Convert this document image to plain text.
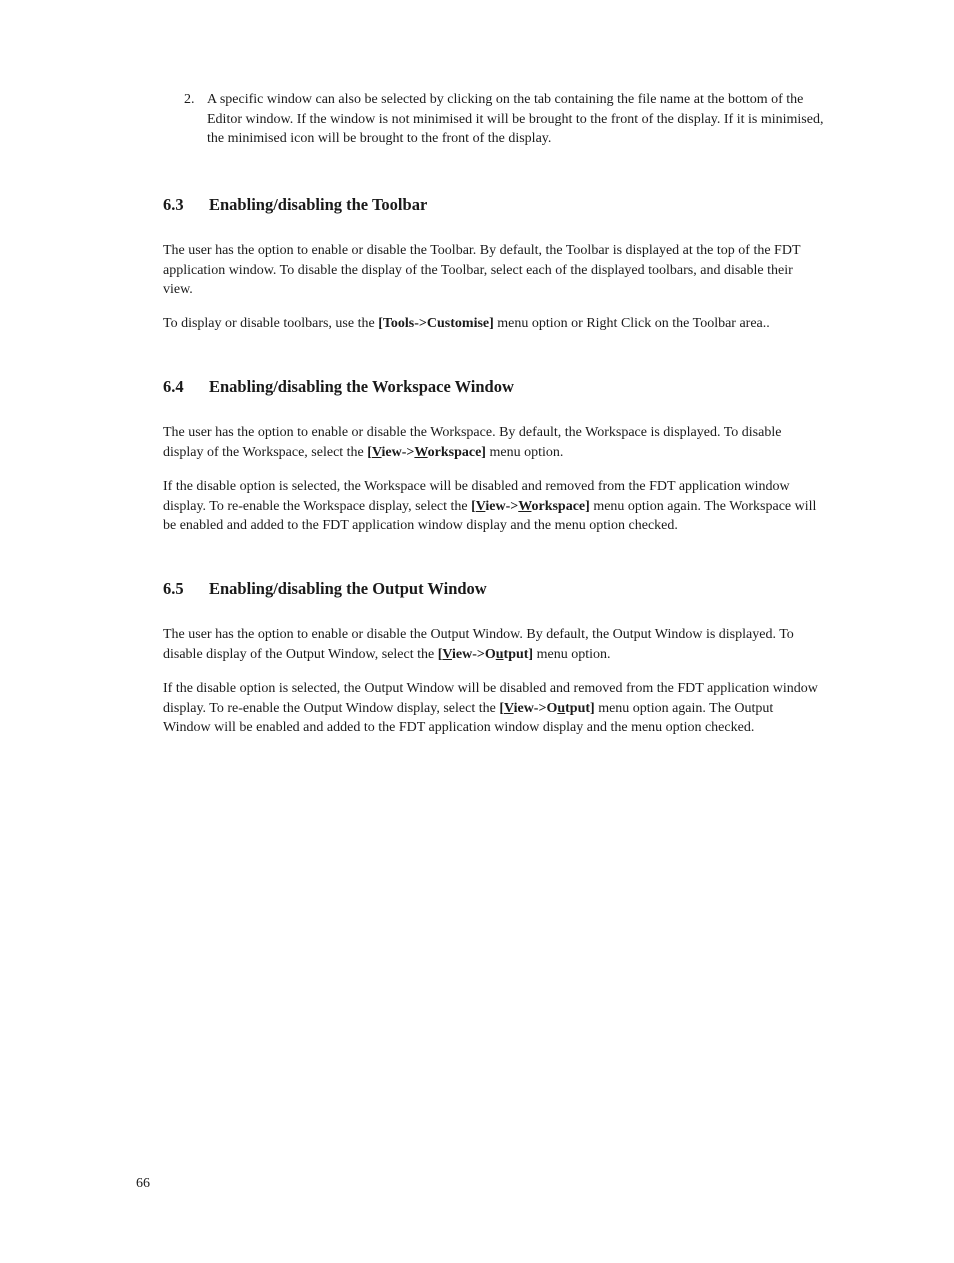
2. A specific window can also be selected by clicking on the tab containing the file name at the bottom of the Editor window. If the window is not minimised it will be brought to the front of the display. If it is minimised, the minimised icon will be brought to the front of the display.
6.3 Enabling/disabling the Toolbar

The user has the option to enable or disable the Toolbar. By default, the Toolbar is displayed at the top of the FDT application window. To disable the display of the Toolbar, select each of the displayed toolbars, and disable their view.

To display or disable toolbars, use the [Tools->Customise] menu option or Right Click on the Toolbar area..

6.4 Enabling/disabling the Workspace Window

The user has the option to enable or disable the Workspace. By default, the Workspace is displayed. To disable display of the Workspace, select the [View->Workspace] menu option.

If the disable option is selected, the Workspace will be disabled and removed from the FDT application window display. To re-enable the Workspace display, select the [View->Workspace] menu option again. The Workspace will be enabled and added to the FDT application window display and the menu option checked.

6.5 Enabling/disabling the Output Window

The user has the option to enable or disable the Output Window. By default, the Output Window is displayed. To disable display of the Output Window, select the [View->Output] menu option.

If the disable option is selected, the Output Window will be disabled and removed from the FDT application window display. To re-enable the Output Window display, select the [View->Output] menu option again. The Output Window will be enabled and added to the FDT application window display and the menu option checked.

66
